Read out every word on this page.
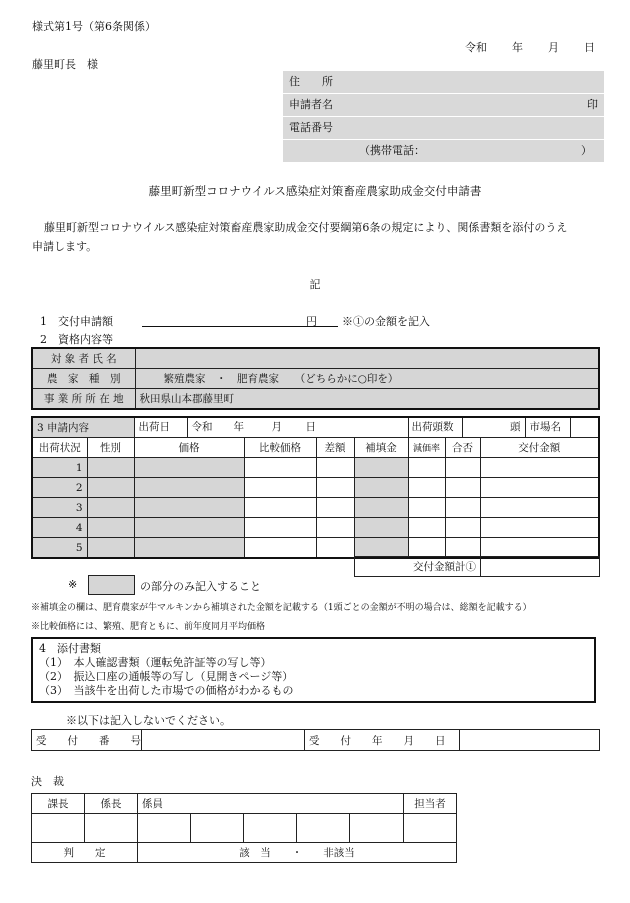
様式第1号（第6条関係）
令和 年 月 日
藤里町長　様
住　　所
申請者名	印
電話番号
（携帯電話：	）
藤里町新型コロナウイルス感染症対策畜産農家助成金交付申請書
藤里町新型コロナウイルス感染症対策畜産農家助成金交付要綱第6条の規定により、関係書類を添付のうえ
申請します。
記
1　交付申請額	円 ※①の金額を記入
2　資格内容等
対 象 者 氏 名	
農　家　種　別	繁殖農家　・　肥育農家　　（どちらかに○印を）
事 業 所 所 在 地	秋田県山本郡藤里町
3 申請内容		出荷日 令和 年 月 日				出荷頭数 頭 市場名		

出荷状況	性別	価格	比較価格	差額	補填金	減価率	合否	交付金額
1								
2								
3								
4								
5								
交付金額計①	
※	の部分のみ記入すること
※補填金の欄は、肥育農家が牛マルキンから補填された金額を記載する（1頭ごとの金額が不明の場合は、総額を記載する）
※比較価格には、繁殖、肥育ともに、前年度同月平均価格
4　添付書類
（1）　本人確認書類（運転免許証等の写し等）
（2）　振込口座の通帳等の写し（見開きページ等）
（3）　当該牛を出荷した市場での価格がわかるもの
※以下は記入しないでください。
受　　付　　番　　号		受　　付　　年　　月　　日	
決　裁
課長	係長	係員					担当者

判　　定		該　当　　・　　非該当					
